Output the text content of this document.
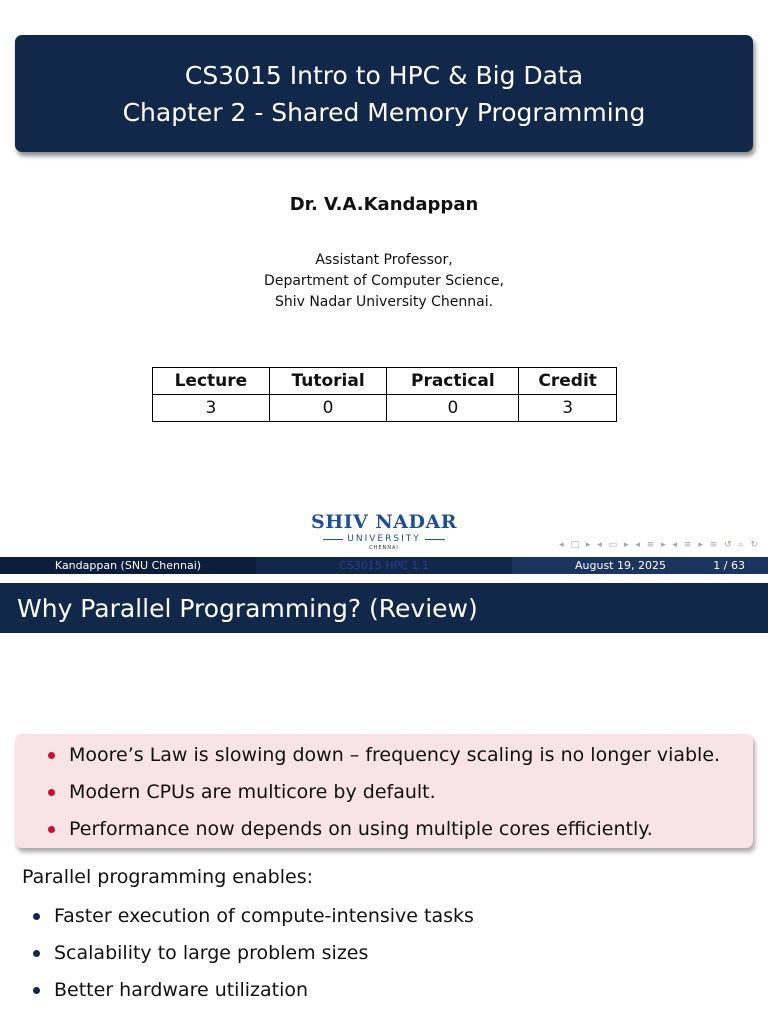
CS3015 Intro to HPC & Big Data
Chapter 2 - Shared Memory Programming
Dr. V.A.Kandappan
Assistant Professor,
Department of Computer Science,
Shiv Nadar University Chennai.
Lecture	Tutorial	Practical	Credit
3	0	0	3
SHIV NADAR
UNIVERSITY
CHENNAI	◂ □ ▸ ◂ ▭ ▸ ◂ ≡ ▸ ◂ ≡ ▸ ≡ ↺ ⌕ ↻
Kandappan (SNU Chennai)	CS3015 HPC 1.1	August 19, 2025	1 / 63
Why Parallel Programming? (Review)
Moore’s Law is slowing down – frequency scaling is no longer viable.
Modern CPUs are multicore by default.
Performance now depends on using multiple cores efficiently.
Parallel programming enables:
Faster execution of compute-intensive tasks
Scalability to large problem sizes
Better hardware utilization
